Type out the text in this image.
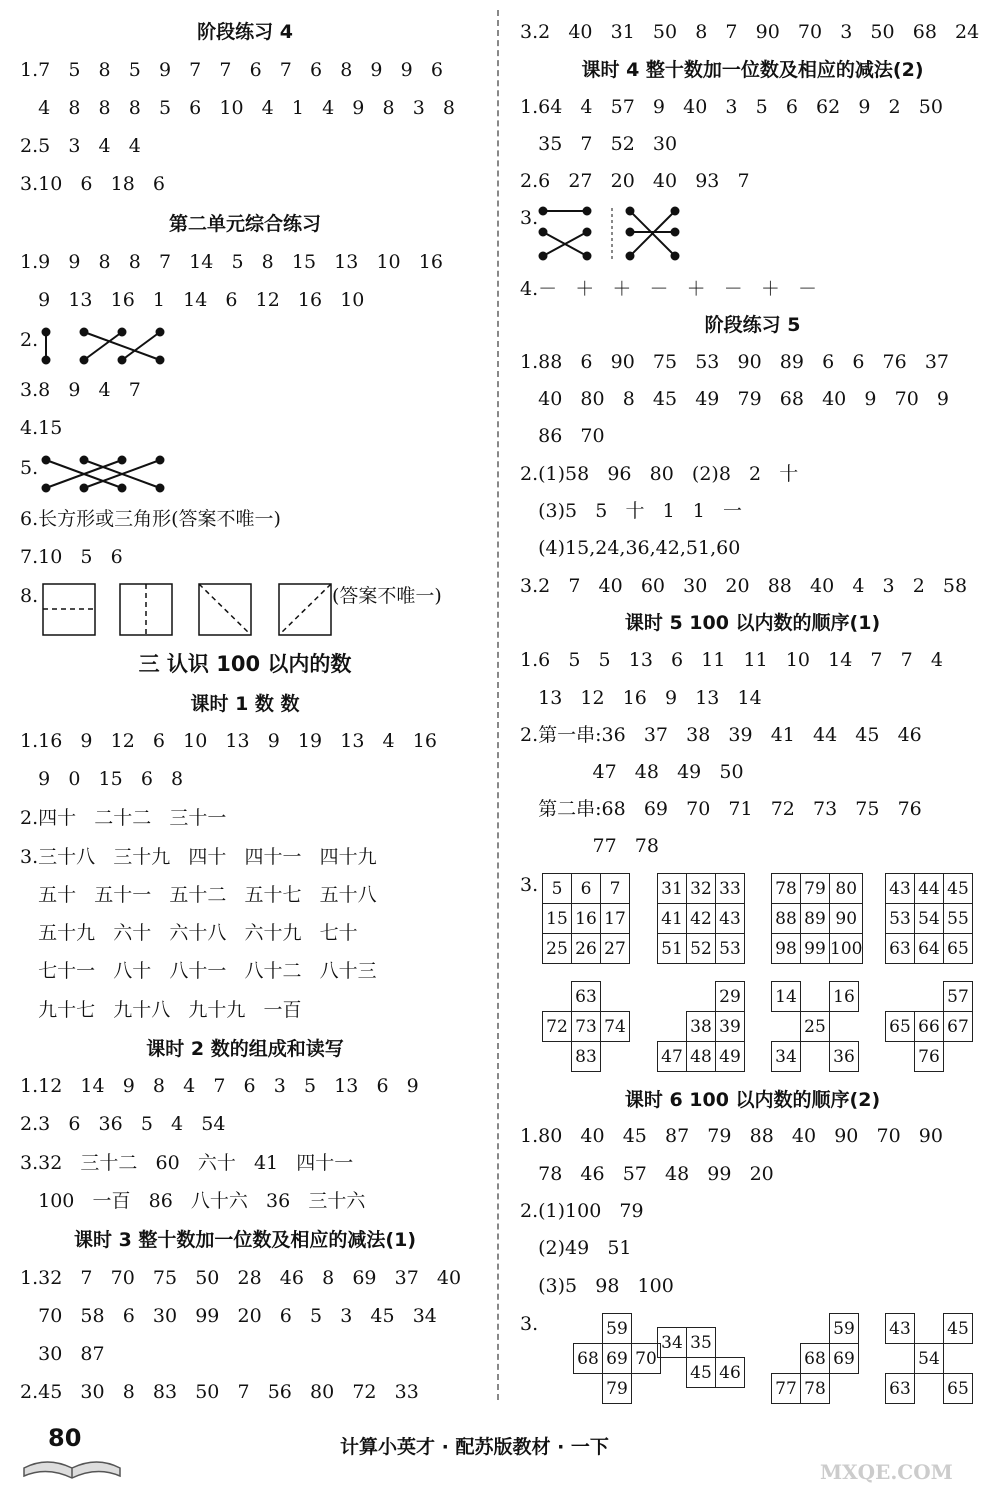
阶段练习 4
1.7   5   8   5   9   7   7   6   7   6   8   9   9   6
4   8   8   8   5   6   10   4   1   4   9   8   3   8
2.5   3   4   4
3.10   6   18   6
第二单元综合练习
1.9   9   8   8   7   14   5   8   15   13   10   16
9   13   16   1   14   6   12   16   10
2.
3.8   9   4   7
4.15
5.
6.长方形或三角形(答案不唯一)
7.10   5   6
8.	(答案不唯一)
三 认识 100 以内的数
课时 1 数 数
1.16   9   12   6   10   13   9   19   13   4   16
9   0   15   6   8
2.四十   二十二   三十一
3.三十八   三十九   四十   四十一   四十九
五十   五十一   五十二   五十七   五十八
五十九   六十   六十八   六十九   七十
七十一   八十   八十一   八十二   八十三
九十七   九十八   九十九   一百
课时 2 数的组成和读写
1.12   14   9   8   4   7   6   3   5   13   6   9
2.3   6   36   5   4   54
3.32   三十二   60   六十   41   四十一
100   一百   86   八十六   36   三十六
课时 3 整十数加一位数及相应的减法(1)
1.32   7   70   75   50   28   46   8   69   37   40
70   58   6   30   99   20   6   5   3   45   34
30   87
2.45   30   8   83   50   7   56   80   72   33
3.2   40   31   50   8   7   90   70   3   50   68   24
课时 4 整十数加一位数及相应的减法(2)
1.64   4   57   9   40   3   5   6   62   9   2   50
35   7   52   30
2.6   27   20   40   93   7
3.
4.－   ＋   ＋   －   ＋   －   ＋   －
阶段练习 5
1.88   6   90   75   53   90   89   6   6   76   37
40   80   8   45   49   79   68   40   9   70   9
86   70
2.(1)58   96   80   (2)8   2   十
(3)5   5   十   1   1   一
(4)15,24,36,42,51,60
3.2   7   40   60   30   20   88   40   4   3   2   58
课时 5 100 以内数的顺序(1)
1.6   5   5   13   6   11   11   10   14   7   7   4
13   12   16   9   13   14
2.第一串:36   37   38   39   41   44   45   46
47   48   49   50
第二串:68   69   70   71   72   73   75   76
77   78
3. 5	6	7
15	16	17
25	26	27
31	32	33
41	42	43
51	52	53
78	79	80
88	89	90
98	99	100
43	44	45
53	54	55
63	64	65
	63	
72	73	74
	83	
		29
	38	39
47	48	49
14		16
	25	
34		36
		57
65	66	67
	76	
课时 6 100 以内数的顺序(2)
1.80   40   45   87   79   88   40   90   70   90
78   46   57   48   99   20
2.(1)100   79
(2)49   51
(3)5   98   100
3.
		59	
68	69	70
	79	
34	35	
	45	46
		59
	68	69
77	78	
43		45
	54	
63		65
80	计算小英才 · 配苏版教材 · 一下
MXQE.COM
